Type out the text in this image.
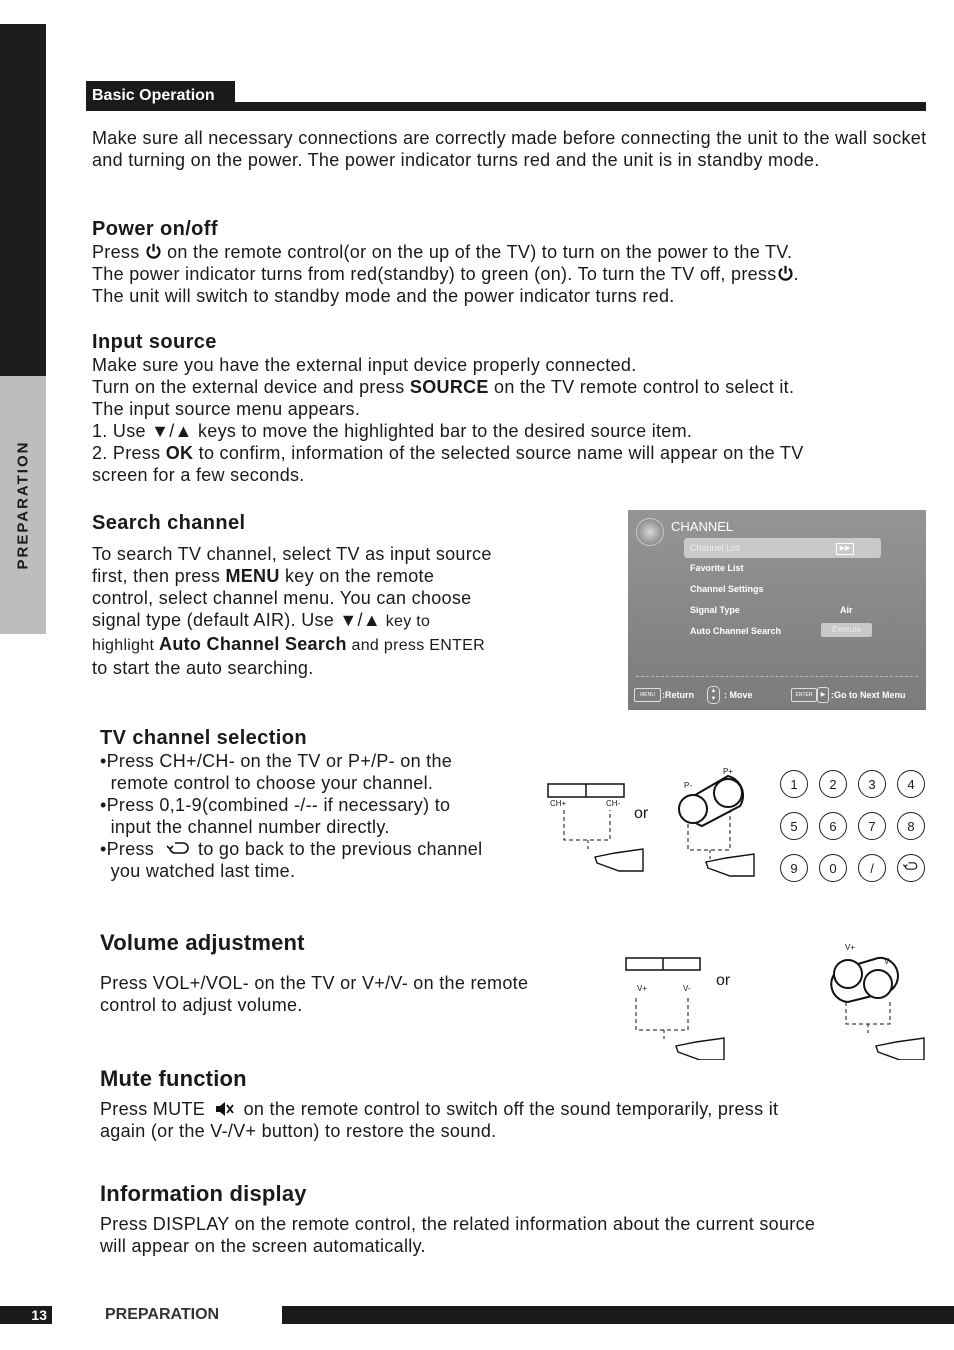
PREPARATION
Basic Operation

Make sure all necessary connections are correctly made before connecting the unit to the wall socket and turning on the power. The power indicator turns red and the unit is in standby mode.

Power on/off

Press  on the remote control(or on the up of the TV) to turn on the power to the TV.

The power indicator turns from red(standby) to green (on). To turn the TV off, press .

The unit will switch to standby mode and the power indicator turns red.

Input source

Make sure you have the external input device properly connected.

Turn on the external device and press SOURCE on the TV remote control to select it.

The input source menu appears.

1. Use ▼/▲ keys to move the highlighted bar to the desired source item.

2. Press OK to confirm, information of the selected source name will appear on the TV

screen for a few seconds.

Search channel

To search TV channel, select TV as input source

first, then press MENU key on the remote

control, select channel menu. You can choose

signal type (default AIR). Use ▼/▲ key to

highlight Auto Channel Search and press ENTER

to start the auto searching.

CHANNEL
Channel List	▶▶
Favorite List
Channel Settings
Signal Type	Air
Auto Channel Search	Execute
MENU :Return	▲
▼ : Move	ENTER	▶ :Go to Next Menu
TV channel selection

•Press CH+/CH- on the TV or P+/P- on the

remote control to choose your channel.

•Press 0,1-9(combined -/-- if necessary) to

input the channel number directly.

•Press   to go back to the previous channel

you watched last time.

CH+	CH-
or
P-
P+
1	2	3	4
5	6	7	8
9	0	/
Volume adjustment

Press VOL+/VOL- on the TV or V+/V- on the remote

control to adjust volume.

V+	V- or
V+
V-
Mute function

Press MUTE  on the remote control to switch off the sound temporarily, press it

again (or the V-/V+ button) to restore the sound.

Information display

Press DISPLAY on the remote control, the related information about the current source

will appear on the screen automatically.

13	PREPARATION
